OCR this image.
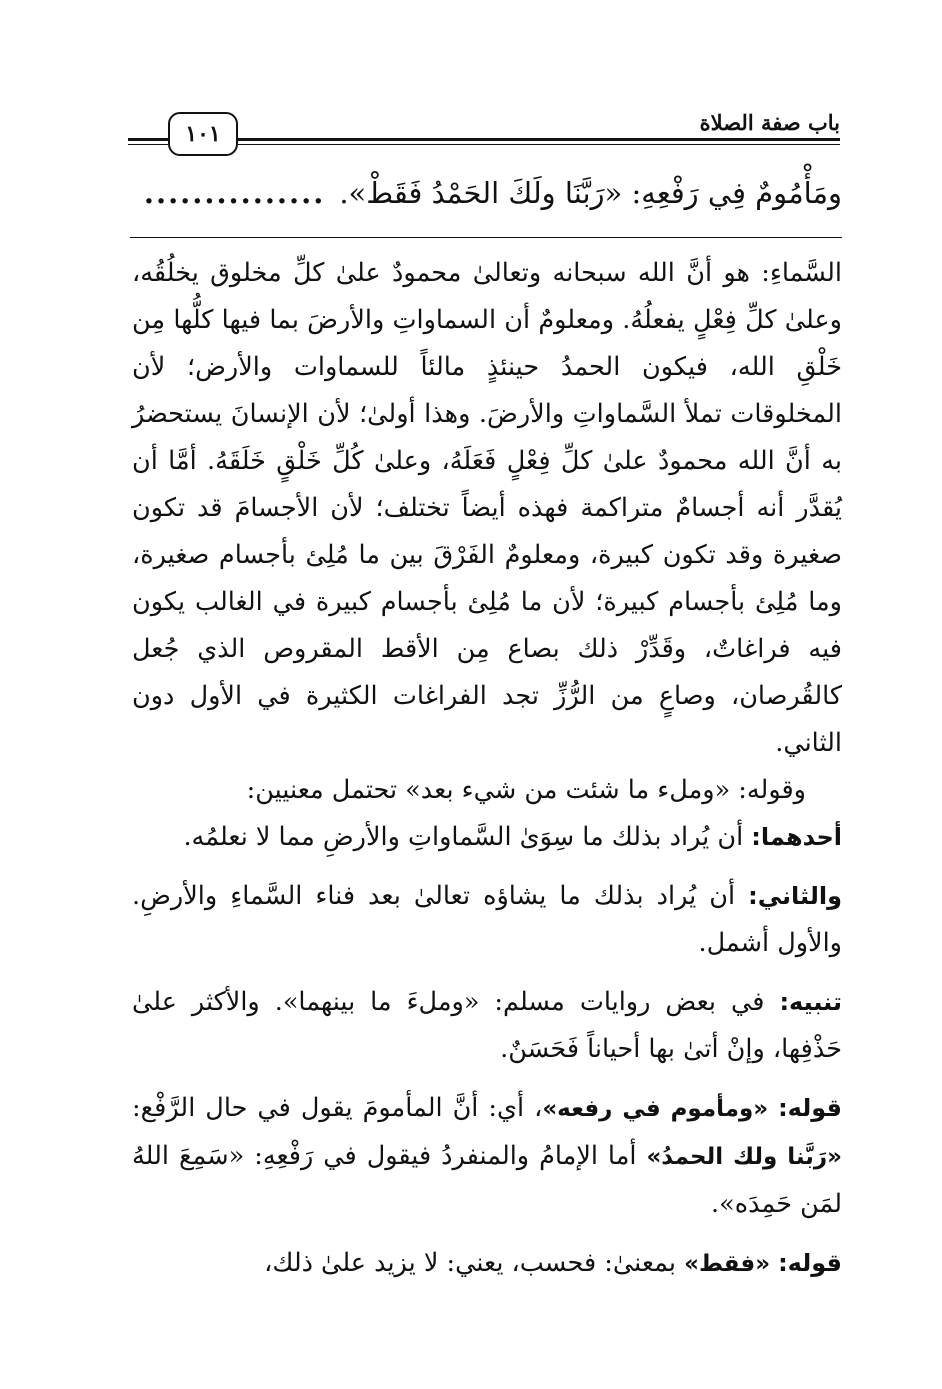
١٠١	باب صفة الصلاة
ومَأْمُومٌ فِي رَفْعِهِ: «رَبَّنَا ولَكَ الحَمْدُ فَقَطْ»................

السَّماءِ: هو أنَّ الله سبحانه وتعالىٰ محمودٌ علىٰ كلِّ مخلوق يخلُقُه، وعلىٰ كلِّ فِعْلٍ يفعلُهُ. ومعلومٌ أن السماواتِ والأرضَ بما فيها كلُّها مِن خَلْقِ الله، فيكون الحمدُ حينئذٍ مالئاً للسماوات والأرض؛ لأن المخلوقات تملأ السَّماواتِ والأرضَ. وهذا أولىٰ؛ لأن الإنسانَ يستحضرُ به أنَّ الله محمودٌ علىٰ كلِّ فِعْلٍ فَعَلَهُ، وعلىٰ كُلِّ خَلْقٍ خَلَقَهُ. أمَّا أن يُقدَّر أنه أجسامٌ متراكمة فهذه أيضاً تختلف؛ لأن الأجسامَ قد تكون صغيرة وقد تكون كبيرة، ومعلومٌ الفَرْقَ بين ما مُلِئ بأجسام صغيرة، وما مُلِئ بأجسام كبيرة؛ لأن ما مُلِئ بأجسام كبيرة في الغالب يكون فيه فراغاتٌ، وقَدِّرْ ذلك بصاع مِن الأقط المقروص الذي جُعل كالقُرصان، وصاعٍ من الرُّزِّ تجد الفراغات الكثيرة في الأول دون الثاني.

وقوله: «وملء ما شئت من شيء بعد» تحتمل معنيين:

أحدهما: أن يُراد بذلك ما سِوَىٰ السَّماواتِ والأرضِ مما لا نعلمُه.

والثاني: أن يُراد بذلك ما يشاؤه تعالىٰ بعد فناء السَّماءِ والأرضِ. والأول أشمل.

تنبيه: في بعض روايات مسلم: «وملءَ ما بينهما». والأكثر علىٰ حَذْفِها، وإنْ أتىٰ بها أحياناً فَحَسَنٌ.

قوله: «ومأموم في رفعه»، أي: أنَّ المأمومَ يقول في حال الرَّفْع: «رَبَّنا ولك الحمدُ» أما الإمامُ والمنفردُ فيقول في رَفْعِهِ: «سَمِعَ اللهُ لمَن حَمِدَه».

قوله: «فقط» بمعنىٰ: فحسب، يعني: لا يزيد علىٰ ذلك،
